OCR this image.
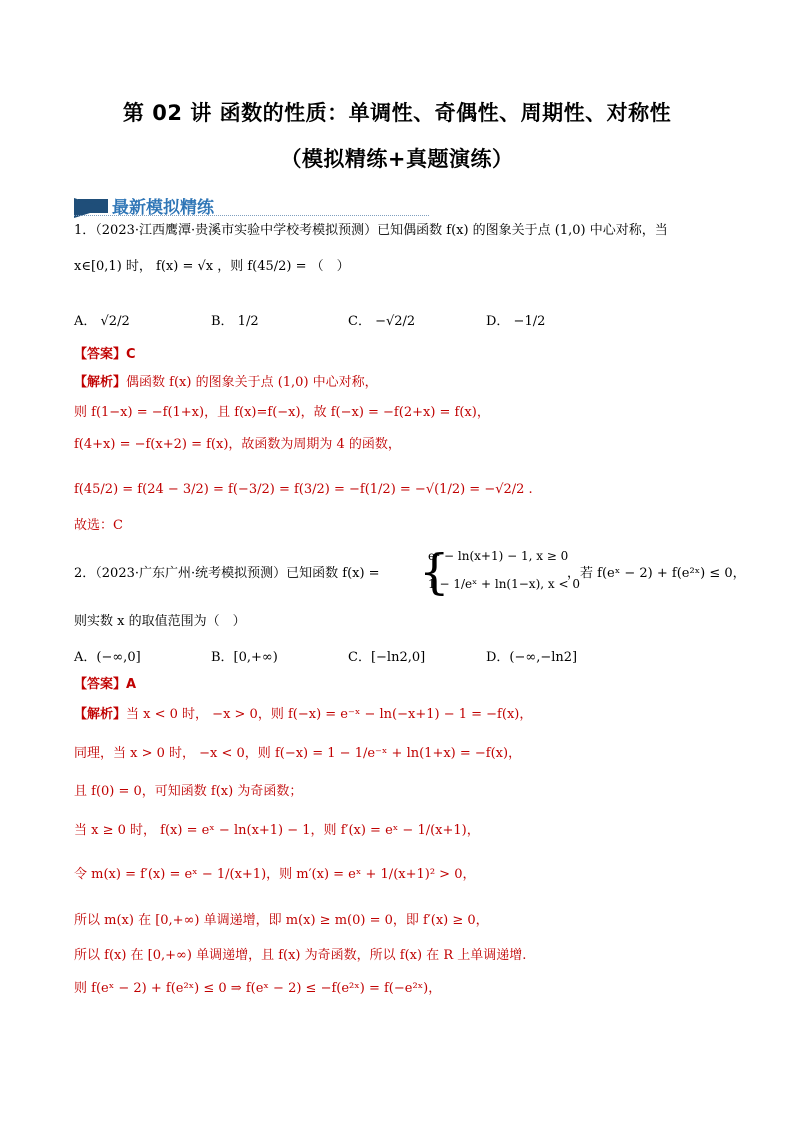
第 02 讲 函数的性质：单调性、奇偶性、周期性、对称性
（模拟精练+真题演练）
最新模拟精练
1．（2023·江西鹰潭·贵溪市实验中学校考模拟预测）已知偶函数 f(x) 的图象关于点 (1,0) 中心对称，当
x∈[0,1) 时， f(x) = √x ，则 f(45/2) = （　）
A． √2/2	B． 1/2	C． −√2/2	D． −1/2
【答案】C
【解析】偶函数 f(x) 的图象关于点 (1,0) 中心对称，
则 f(1−x) = −f(1+x)，且 f(x)=f(−x)，故 f(−x) = −f(2+x) = f(x)，
f(4+x) = −f(x+2) = f(x)，故函数为周期为 4 的函数，
f(45/2) = f(24 − 3/2) = f(−3/2) = f(3/2) = −f(1/2) = −√(1/2) = −√2/2 .
故选：C
2．（2023·广东广州·统考模拟预测）已知函数 f(x) = {
eˣ − ln(x+1) − 1, x ≥ 0
1 − 1/eˣ + ln(1−x), x < 0
，若 f(eˣ − 2) + f(e²ˣ) ≤ 0，
则实数 x 的取值范围为（　）
A．(−∞,0]	B．[0,+∞)	C．[−ln2,0]	D．(−∞,−ln2]
【答案】A
【解析】当 x < 0 时， −x > 0，则 f(−x) = e⁻ˣ − ln(−x+1) − 1 = −f(x)，
同理，当 x > 0 时， −x < 0，则 f(−x) = 1 − 1/e⁻ˣ + ln(1+x) = −f(x)，
且 f(0) = 0，可知函数 f(x) 为奇函数；
当 x ≥ 0 时， f(x) = eˣ − ln(x+1) − 1，则 f′(x) = eˣ − 1/(x+1)，
令 m(x) = f′(x) = eˣ − 1/(x+1)，则 m′(x) = eˣ + 1/(x+1)² > 0，
所以 m(x) 在 [0,+∞) 单调递增，即 m(x) ≥ m(0) = 0，即 f′(x) ≥ 0，
所以 f(x) 在 [0,+∞) 单调递增，且 f(x) 为奇函数，所以 f(x) 在 R 上单调递增.
则 f(eˣ − 2) + f(e²ˣ) ≤ 0 ⇒ f(eˣ − 2) ≤ −f(e²ˣ) = f(−e²ˣ)，
